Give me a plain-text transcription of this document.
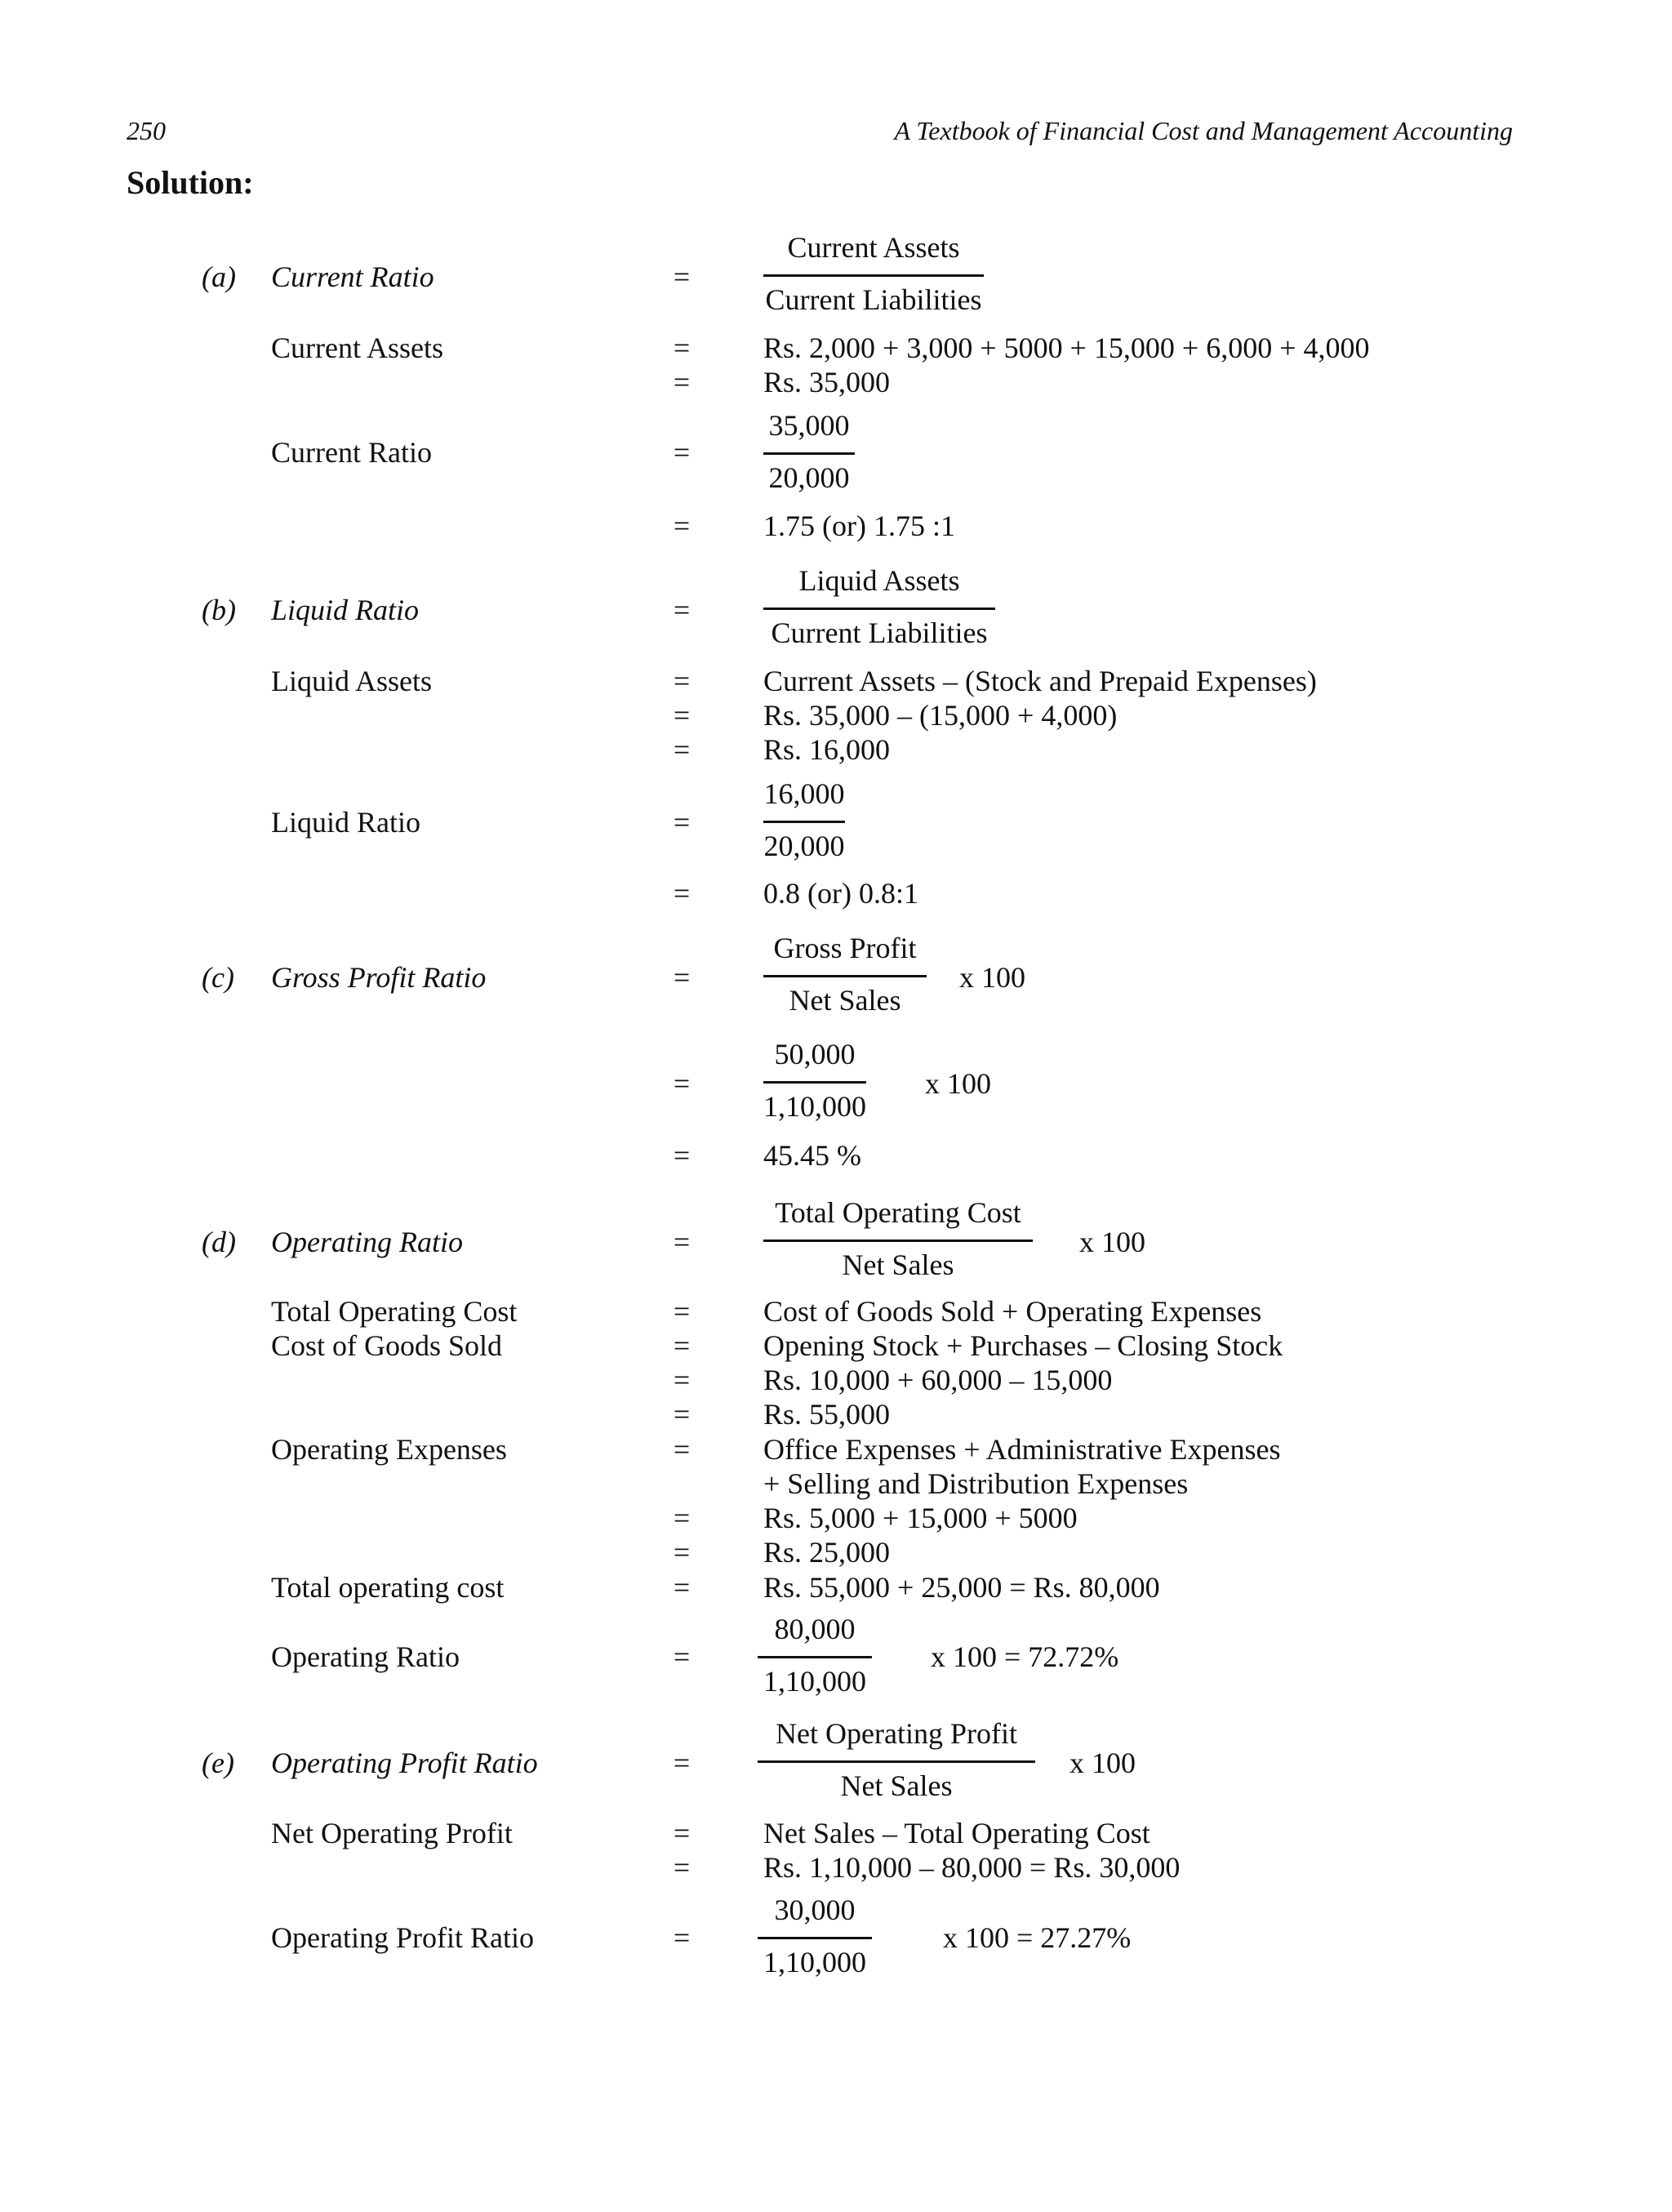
250	A Textbook of Financial Cost and Management Accounting
Solution:
(a) Current Ratio	=
Current Assets
Current Liabilities
Current Assets	= Rs. 2,000 + 3,000 + 5000 + 15,000 + 6,000 + 4,000
= Rs. 35,000
Current Ratio	=
35,000
20,000
= 1.75 (or) 1.75 :1
(b) Liquid Ratio	=
Liquid Assets
Current Liabilities
Liquid Assets	= Current Assets – (Stock and Prepaid Expenses)
= Rs. 35,000 – (15,000 + 4,000)
= Rs. 16,000
Liquid Ratio	=
16,000
20,000
= 0.8 (or) 0.8:1
(c) Gross Profit Ratio	=
Gross Profit
Net Sales
x 100
=
50,000
1,10,000
x 100
= 45.45 %
(d) Operating Ratio	=
Total Operating Cost
Net Sales
x 100
Total Operating Cost	= Cost of Goods Sold + Operating Expenses
Cost of Goods Sold	= Opening Stock + Purchases – Closing Stock
= Rs. 10,000 + 60,000 – 15,000
= Rs. 55,000
Operating Expenses	= Office Expenses + Administrative Expenses
+ Selling and Distribution Expenses
= Rs. 5,000 + 15,000 + 5000
= Rs. 25,000
Total operating cost	= Rs. 55,000 + 25,000 = Rs. 80,000
Operating Ratio	=
80,000
1,10,000
x 100 = 72.72%
(e) Operating Profit Ratio	=
Net Operating Profit
Net Sales
x 100
Net Operating Profit	= Net Sales – Total Operating Cost
= Rs. 1,10,000 – 80,000 = Rs. 30,000
Operating Profit Ratio	=
30,000
1,10,000
x 100 = 27.27%
